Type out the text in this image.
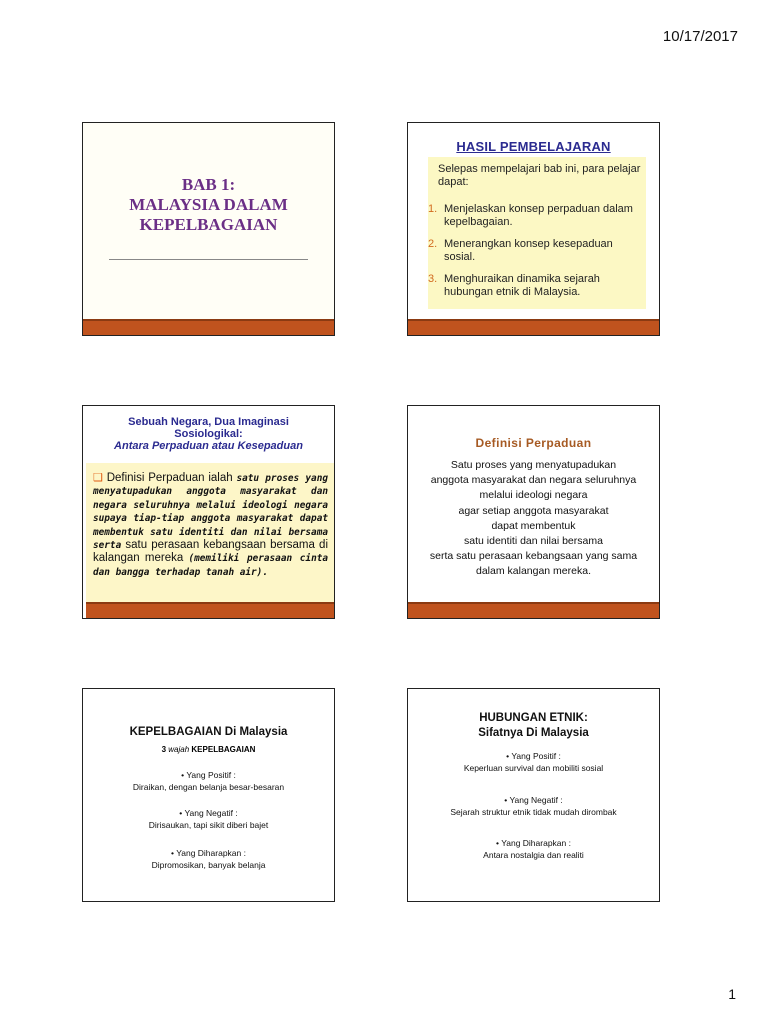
10/17/2017
BAB 1:
MALAYSIA DALAM
KEPELBAGAIAN
HASIL PEMBELAJARAN
Selepas mempelajari bab ini, para pelajar dapat:
1. Menjelaskan konsep perpaduan dalam kepelbagaian.
2. Menerangkan konsep kesepaduan sosial.
3. Menghuraikan dinamika sejarah hubungan etnik di Malaysia.
Sebuah Negara, Dua Imaginasi
Sosiologikal:
Antara Perpaduan atau Kesepaduan
❑ Definisi Perpaduan ialah satu proses yang menyatupadukan anggota masyarakat dan negara seluruhnya melalui ideologi negara supaya tiap-tiap anggota masyarakat dapat membentuk satu identiti dan nilai bersama serta satu perasaan kebangsaan bersama di kalangan mereka (memiliki perasaan cinta dan bangga terhadap tanah air).
Definisi Perpaduan
Satu proses yang menyatupadukan
anggota masyarakat dan negara seluruhnya
melalui ideologi negara
agar setiap anggota masyarakat
dapat membentuk
satu identiti dan nilai bersama
serta satu perasaan kebangsaan yang sama
dalam kalangan mereka.
KEPELBAGAIAN Di Malaysia
3 wajah KEPELBAGAIAN
• Yang Positif :
Diraikan, dengan belanja besar-besaran
• Yang Negatif :
Dirisaukan, tapi sikit diberi bajet
• Yang Diharapkan :
Dipromosikan, banyak belanja
HUBUNGAN ETNIK:
Sifatnya Di Malaysia
• Yang Positif :
Keperluan survival dan mobiliti sosial
• Yang Negatif :
Sejarah struktur etnik tidak mudah dirombak
• Yang Diharapkan :
Antara nostalgia dan realiti
1
